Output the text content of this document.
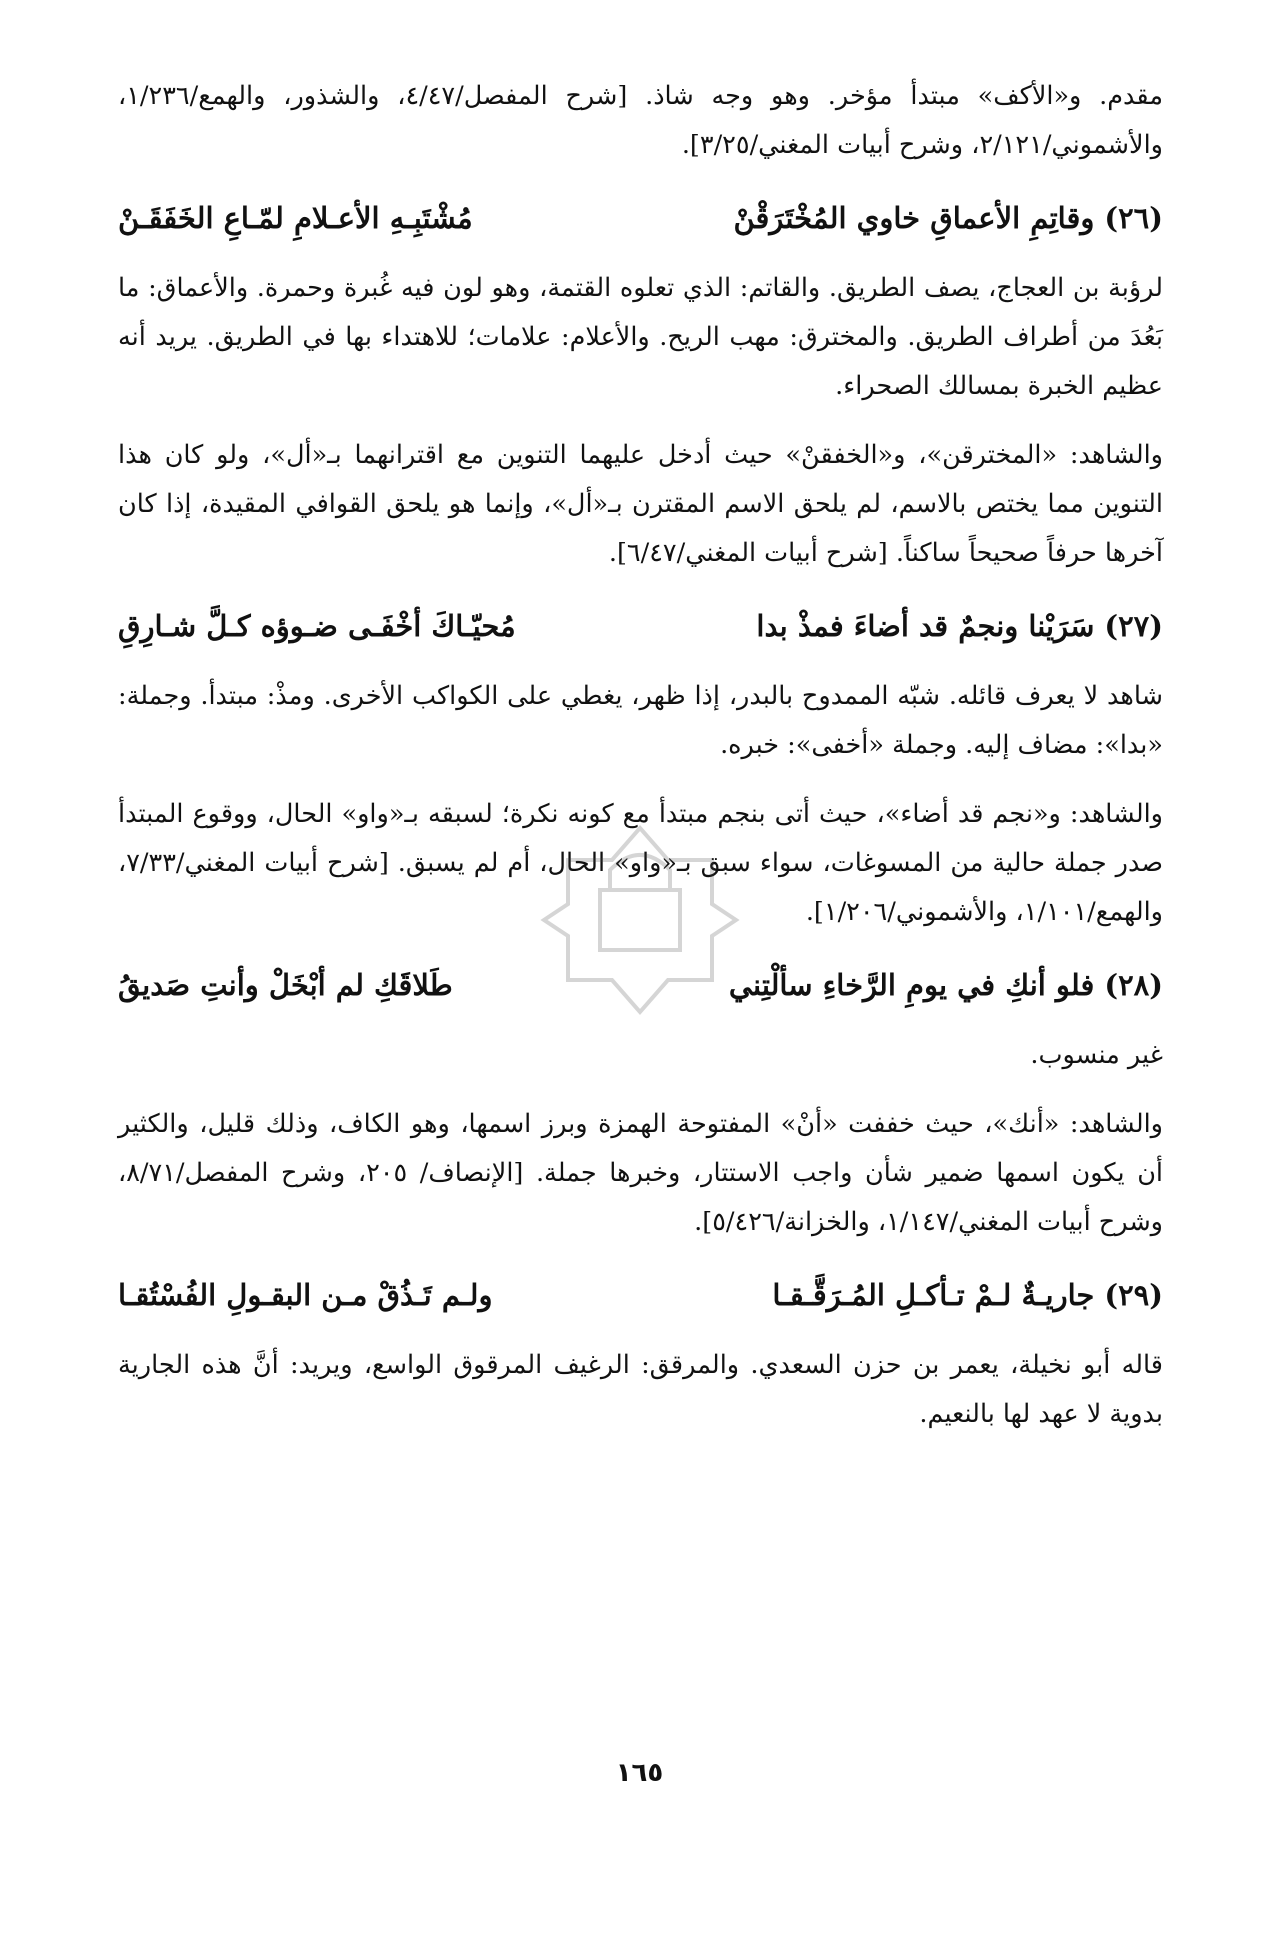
مقدم. و«الأكف» مبتدأ مؤخر. وهو وجه شاذ. [شرح المفصل/٤/٤٧، والشذور، والهمع/١/٢٣٦، والأشموني/٢/١٢١، وشرح أبيات المغني/٣/٢٥].

(٢٦)وقاتِمِ الأعماقِ خاوي المُخْتَرَقْنْ
مُشْتَبِـهِ الأعـلامِ لمّـاعِ الخَفَقَـنْ

لرؤبة بن العجاج، يصف الطريق. والقاتم: الذي تعلوه القتمة، وهو لون فيه غُبرة وحمرة. والأعماق: ما بَعُدَ من أطراف الطريق. والمخترق: مهب الريح. والأعلام: علامات؛ للاهتداء بها في الطريق. يريد أنه عظيم الخبرة بمسالك الصحراء.

والشاهد: «المخترقن»، و«الخفقنْ» حيث أدخل عليهما التنوين مع اقترانهما بـ«أل»، ولو كان هذا التنوين مما يختص بالاسم، لم يلحق الاسم المقترن بـ«أل»، وإنما هو يلحق القوافي المقيدة، إذا كان آخرها حرفاً صحيحاً ساكناً. [شرح أبيات المغني/٦/٤٧].

(٢٧)سَرَيْنا ونجمٌ قد أضاءَ فمذْ بدا
مُحيّـاكَ أخْفَـى ضـوؤه كـلَّ شـارِقِ

شاهد لا يعرف قائله. شبّه الممدوح بالبدر، إذا ظهر، يغطي على الكواكب الأخرى. ومذْ: مبتدأ. وجملة: «بدا»: مضاف إليه. وجملة «أخفى»: خبره.

والشاهد: و«نجم قد أضاء»، حيث أتى بنجم مبتدأ مع كونه نكرة؛ لسبقه بـ«واو» الحال، ووقوع المبتدأ صدر جملة حالية من المسوغات، سواء سبق بـ«واو» الحال، أم لم يسبق. [شرح أبيات المغني/٧/٣٣، والهمع/١/١٠١، والأشموني/١/٢٠٦].

(٢٨)فلو أنكِ في يومِ الرَّخاءِ سألْتِني
طَلاقَكِ لم أبْخَلْ وأنتِ صَديقُ

غير منسوب.

والشاهد: «أنك»، حيث خففت «أنْ» المفتوحة الهمزة وبرز اسمها، وهو الكاف، وذلك قليل، والكثير أن يكون اسمها ضمير شأن واجب الاستتار، وخبرها جملة. [الإنصاف/ ٢٠٥، وشرح المفصل/٨/٧١، وشرح أبيات المغني/١/١٤٧، والخزانة/٥/٤٢٦].

(٢٩)جاريـةٌ لـمْ تـأكـلِ المُـرَقَّـقـا
ولـم تَـذُقْ مـن البقـولِ الفُسْتُقـا

قاله أبو نخيلة، يعمر بن حزن السعدي. والمرقق: الرغيف المرقوق الواسع، ويريد: أنَّ هذه الجارية بدوية لا عهد لها بالنعيم.

١٦٥
